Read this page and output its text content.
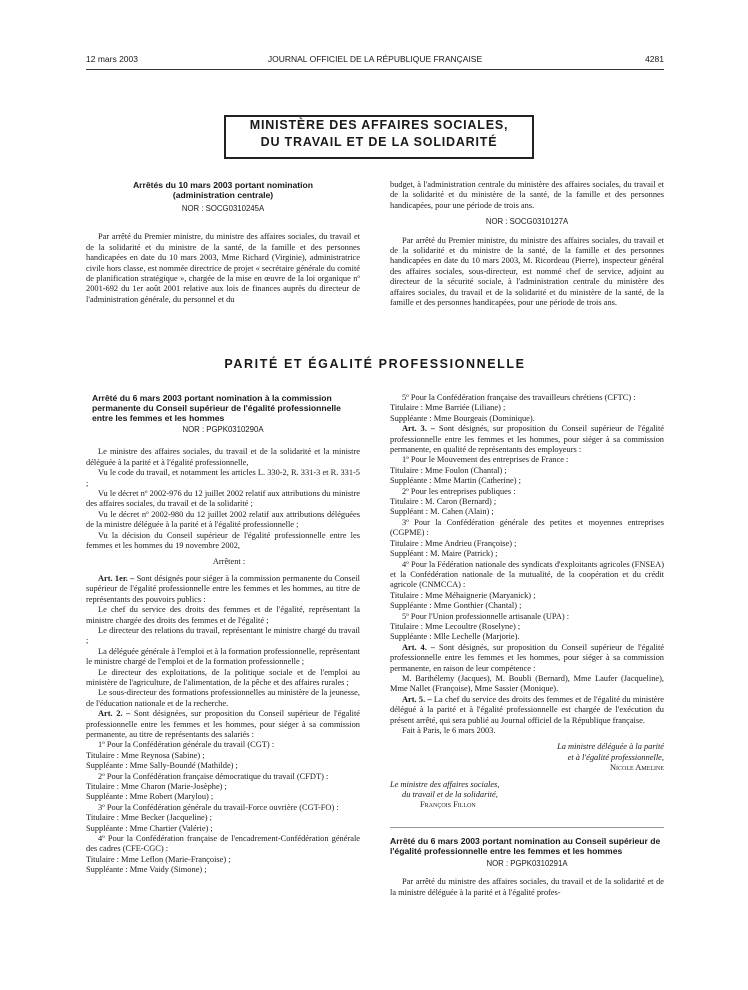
12 mars 2003	JOURNAL OFFICIEL DE LA RÉPUBLIQUE FRANÇAISE	4281
MINISTÈRE DES AFFAIRES SOCIALES,
DU TRAVAIL ET DE LA SOLIDARITÉ
Arrêtés du 10 mars 2003 portant nomination
(administration centrale)
NOR : SOCG0310245A

Par arrêté du Premier ministre, du ministre des affaires sociales, du travail et de la solidarité et du ministre de la santé, de la famille et des personnes handicapées en date du 10 mars 2003, Mme Richard (Virginie), administratrice civile hors classe, est nommée directrice de projet « secrétaire générale du comité de planification stratégique », chargée de la mise en œuvre de la loi organique nº 2001-692 du 1er août 2001 relative aux lois de finances auprès du directeur de l'administration générale, du personnel et du

budget, à l'administration centrale du ministère des affaires sociales, du travail et de la solidarité et du ministère de la santé, de la famille et des personnes handicapées, pour une période de trois ans.

NOR : SOCG0310127A

Par arrêté du Premier ministre, du ministre des affaires sociales, du travail et de la solidarité et du ministre de la santé, de la famille et des personnes handicapées en date du 10 mars 2003, M. Ricordeau (Pierre), inspecteur général des affaires sociales, sous-directeur, est nommé chef de service, adjoint au directeur de la sécurité sociale, à l'administration centrale du ministère des affaires sociales, du travail et de la solidarité et du ministère de la santé, de la famille et des personnes handicapées, pour une période de trois ans.

PARITÉ ET ÉGALITÉ PROFESSIONNELLE
Arrêté du 6 mars 2003 portant nomination à la commission permanente du Conseil supérieur de l'égalité professionnelle entre les femmes et les hommes
NOR : PGPK0310290A

Le ministre des affaires sociales, du travail et de la solidarité et la ministre déléguée à la parité et à l'égalité professionnelle,

Vu le code du travail, et notamment les articles L. 330-2, R. 331-3 et R. 331-5 ;

Vu le décret nº 2002-976 du 12 juillet 2002 relatif aux attributions du ministre des affaires sociales, du travail et de la solidarité ;

Vu le décret nº 2002-980 du 12 juillet 2002 relatif aux attributions déléguées de la ministre déléguée à la parité et à l'égalité professionnelle ;

Vu la décision du Conseil supérieur de l'égalité professionnelle entre les femmes et les hommes du 19 novembre 2002,

Arrêtent :

Art. 1er. – Sont désignés pour siéger à la commission permanente du Conseil supérieur de l'égalité professionnelle entre les femmes et les hommes, au titre de représentants des pouvoirs publics :

Le chef du service des droits des femmes et de l'égalité, représentant la ministre chargée des droits des femmes et de l'égalité ;

Le directeur des relations du travail, représentant le ministre chargé du travail ;

La déléguée générale à l'emploi et à la formation professionnelle, représentant le ministre chargé de l'emploi et de la formation professionnelle ;

Le directeur des exploitations, de la politique sociale et de l'emploi au ministère de l'agriculture, de l'alimentation, de la pêche et des affaires rurales ;

Le sous-directeur des formations professionnelles au ministère de la jeunesse, de l'éducation nationale et de la recherche.

Art. 2. – Sont désignées, sur proposition du Conseil supérieur de l'égalité professionnelle entre les femmes et les hommes, pour siéger à sa commission permanente, au titre de représentants des salariés :

1º Pour la Confédération générale du travail (CGT) :

Titulaire : Mme Reynosa (Sabine) ;

Suppléante : Mme Sally-Boundé (Mathilde) ;

2º Pour la Confédération française démocratique du travail (CFDT) :

Titulaire : Mme Charon (Marie-Josèphe) ;

Suppléante : Mme Robert (Marylou) ;

3º Pour la Confédération générale du travail-Force ouvrière (CGT-FO) :

Titulaire : Mme Becker (Jacqueline) ;

Suppléante : Mme Chartier (Valérie) ;

4º Pour la Confédération française de l'encadrement-Confédération générale des cadres (CFE-CGC) :

Titulaire : Mme Leflon (Marie-Françoise) ;

Suppléante : Mme Vaidy (Simone) ;

5º Pour la Confédération française des travailleurs chrétiens (CFTC) :

Titulaire : Mme Barriée (Liliane) ;

Suppléante : Mme Bourgeais (Dominique).

Art. 3. – Sont désignés, sur proposition du Conseil supérieur de l'égalité professionnelle entre les femmes et les hommes, pour siéger à sa commission permanente, en qualité de représentants des employeurs :

1º Pour le Mouvement des entreprises de France :

Titulaire : Mme Foulon (Chantal) ;

Suppléante : Mme Martin (Catherine) ;

2º Pour les entreprises publiques :

Titulaire : M. Caron (Bernard) ;

Suppléant : M. Cahen (Alain) ;

3º Pour la Confédération générale des petites et moyennes entreprises (CGPME) :

Titulaire : Mme Andrieu (Françoise) ;

Suppléant : M. Maire (Patrick) ;

4º Pour la Fédération nationale des syndicats d'exploitants agricoles (FNSEA) et la Confédération nationale de la mutualité, de la coopération et du crédit agricole (CNMCCA) :

Titulaire : Mme Méhaignerie (Maryanick) ;

Suppléante : Mme Gonthier (Chantal) ;

5º Pour l'Union professionnelle artisanale (UPA) :

Titulaire : Mme Lecoultre (Roselyne) ;

Suppléante : Mlle Lechelle (Marjorie).

Art. 4. – Sont désignés, sur proposition du Conseil supérieur de l'égalité professionnelle entre les femmes et les hommes, pour siéger à sa commission permanente, en raison de leur compétence :

M. Barthélemy (Jacques), M. Boubli (Bernard), Mme Laufer (Jacqueline), Mme Nallet (Françoise), Mme Sassier (Monique).

Art. 5. – La chef du service des droits des femmes et de l'égalité du ministère délégué à la parité et à l'égalité professionnelle est chargée de l'exécution du présent arrêté, qui sera publié au Journal officiel de la République française.

Fait à Paris, le 6 mars 2003.

La ministre déléguée à la parité
et à l'égalité professionnelle,
Nicole Ameline
Le ministre des affaires sociales,
du travail et de la solidarité,
François Fillon
Arrêté du 6 mars 2003 portant nomination au Conseil supérieur de l'égalité professionnelle entre les femmes et les hommes
NOR : PGPK0310291A

Par arrêté du ministre des affaires sociales, du travail et de la solidarité et de la ministre déléguée à la parité et à l'égalité profes-
